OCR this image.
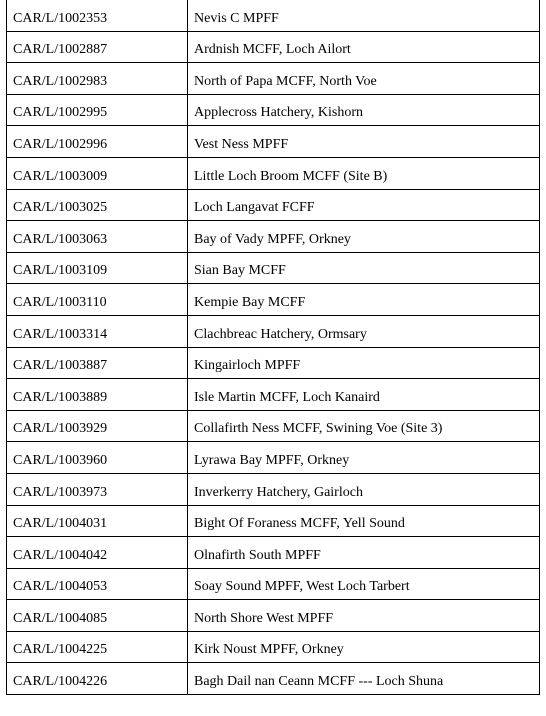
CAR/L/1002353	Nevis C MPFF
CAR/L/1002887	Ardnish MCFF, Loch Ailort
CAR/L/1002983	North of Papa MCFF, North Voe
CAR/L/1002995	Applecross Hatchery, Kishorn
CAR/L/1002996	Vest Ness MPFF
CAR/L/1003009	Little Loch Broom MCFF (Site B)
CAR/L/1003025	Loch Langavat FCFF
CAR/L/1003063	Bay of Vady MPFF, Orkney
CAR/L/1003109	Sian Bay MCFF
CAR/L/1003110	Kempie Bay MCFF
CAR/L/1003314	Clachbreac Hatchery, Ormsary
CAR/L/1003887	Kingairloch MPFF
CAR/L/1003889	Isle Martin MCFF, Loch Kanaird
CAR/L/1003929	Collafirth Ness MCFF, Swining Voe (Site 3)
CAR/L/1003960	Lyrawa Bay MPFF, Orkney
CAR/L/1003973	Inverkerry Hatchery, Gairloch
CAR/L/1004031	Bight Of Foraness MCFF, Yell Sound
CAR/L/1004042	Olnafirth South MPFF
CAR/L/1004053	Soay Sound MPFF, West Loch Tarbert
CAR/L/1004085	North Shore West MPFF
CAR/L/1004225	Kirk Noust MPFF, Orkney
CAR/L/1004226	Bagh Dail nan Ceann MCFF --- Loch Shuna
